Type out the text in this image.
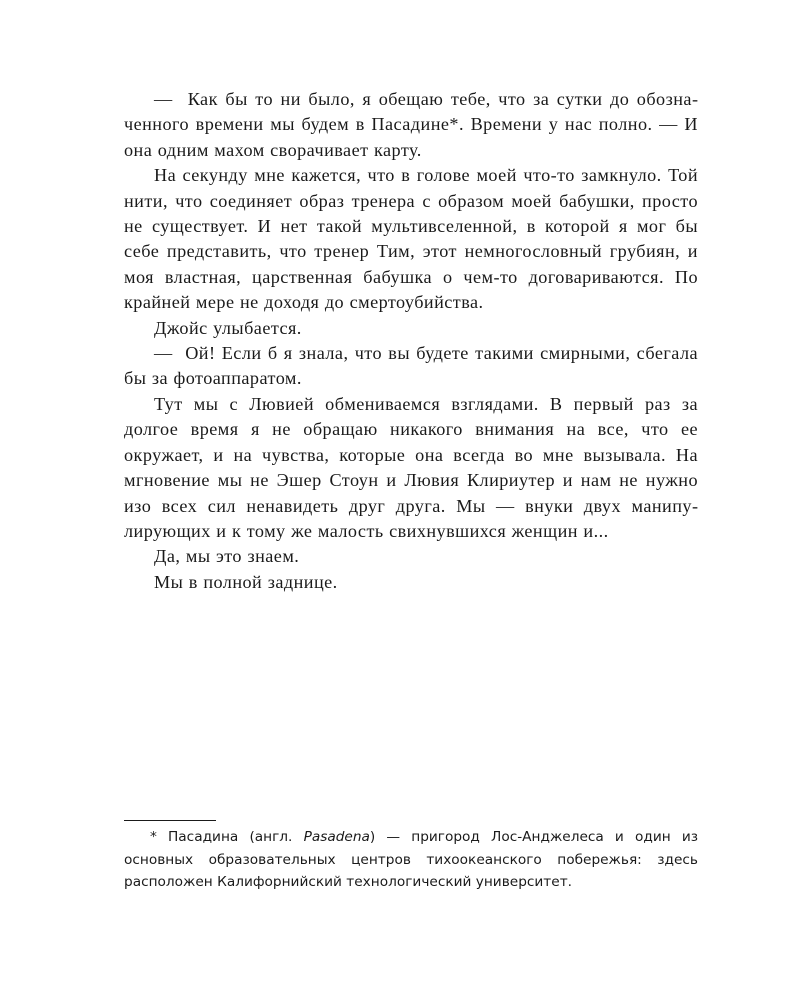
—  Как бы то ни было, я обещаю тебе, что за сутки до обозначенного времени мы будем в Пасадине*. Времени у нас полно. — И она одним махом сворачивает карту.

На секунду мне кажется, что в голове моей что-то замкнуло. Той нити, что соединяет образ тренера с образом моей бабушки, просто не существует. И нет такой мультивселенной, в которой я мог бы себе представить, что тренер Тим, этот немногословный грубиян, и моя властная, царственная бабушка о чем-то договариваются. По крайней мере не доходя до смертоубийства.

Джойс улыбается.

—  Ой! Если б я знала, что вы будете такими смирными, сбегала бы за фотоаппаратом.

Тут мы с Лювией обмениваемся взглядами. В первый раз за долгое время я не обращаю никакого внимания на все, что ее окружает, и на чувства, которые она всегда во мне вызывала. На мгновение мы не Эшер Стоун и Лювия Клириутер и нам не нужно изо всех сил ненавидеть друг друга. Мы — внуки двух манипулирующих и к тому же малость свихнувшихся женщин и...

Да, мы это знаем.

Мы в полной заднице.

* Пасадина (англ. Pasadena) — пригород Лос-Анджелеса и один из основных образовательных центров тихоокеанского побережья: здесь расположен Калифорнийский технологический университет.
